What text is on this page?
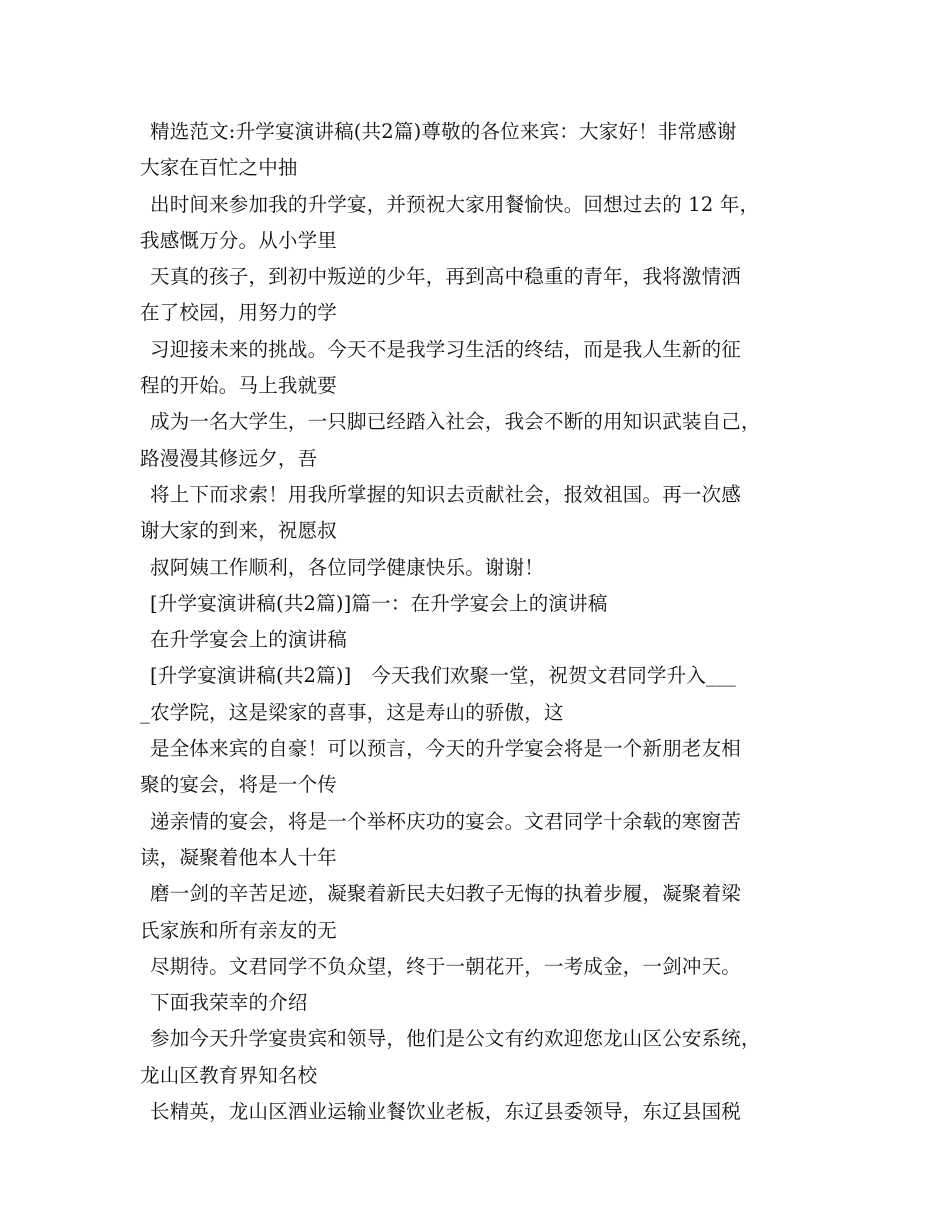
精选范文:升学宴演讲稿(共2篇)尊敬的各位来宾：大家好！非常感谢
大家在百忙之中抽
出时间来参加我的升学宴，并预祝大家用餐愉快。回想过去的 12 年，
我感慨万分。从小学里
天真的孩子，到初中叛逆的少年，再到高中稳重的青年，我将激情洒
在了校园，用努力的学
习迎接未来的挑战。今天不是我学习生活的终结，而是我人生新的征
程的开始。马上我就要
成为一名大学生，一只脚已经踏入社会，我会不断的用知识武装自己，
路漫漫其修远夕，吾
将上下而求索！用我所掌握的知识去贡献社会，报效祖国。再一次感
谢大家的到来，祝愿叔
叔阿姨工作顺利，各位同学健康快乐。谢谢！
[升学宴演讲稿(共2篇)]篇一：在升学宴会上的演讲稿
在升学宴会上的演讲稿
[升学宴演讲稿(共2篇)]　今天我们欢聚一堂，祝贺文君同学升入___
_农学院，这是梁家的喜事，这是寿山的骄傲，这
是全体来宾的自豪！可以预言，今天的升学宴会将是一个新朋老友相
聚的宴会，将是一个传
递亲情的宴会，将是一个举杯庆功的宴会。文君同学十余载的寒窗苦
读，凝聚着他本人十年
磨一剑的辛苦足迹，凝聚着新民夫妇教子无悔的执着步履，凝聚着梁
氏家族和所有亲友的无
尽期待。文君同学不负众望，终于一朝花开，一考成金，一剑冲天。
下面我荣幸的介绍
参加今天升学宴贵宾和领导，他们是公文有约欢迎您龙山区公安系统，
龙山区教育界知名校
长精英，龙山区酒业运输业餐饮业老板，东辽县委领导，东辽县国税
